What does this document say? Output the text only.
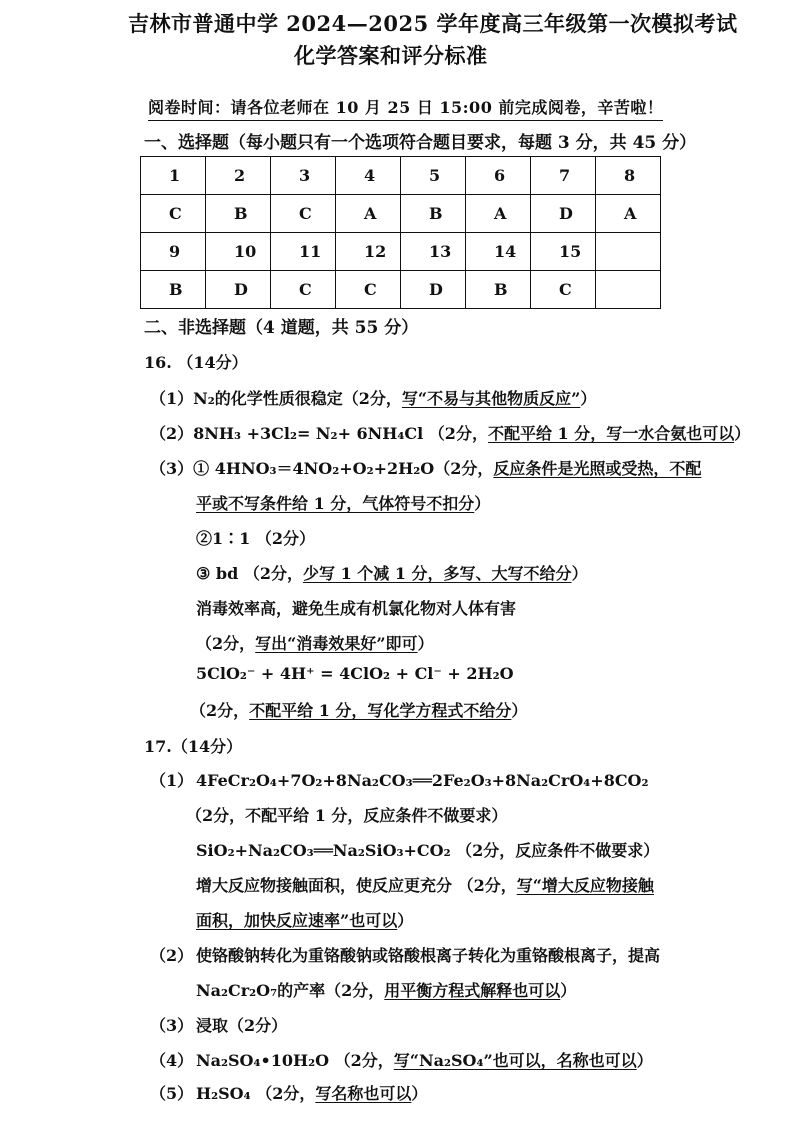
吉林市普通中学 2024—2025 学年度高三年级第一次模拟考试
化学答案和评分标准
阅卷时间：请各位老师在 10 月 25 日 15:00 前完成阅卷，辛苦啦！
一、选择题（每小题只有一个选项符合题目要求，每题 3 分，共 45 分）
1	2	3	4	5	6	7	8
C	B	C	A	B	A	D	A
9	10	11	12	13	14	15	
B	D	C	C	D	B	C	
二、非选择题（4 道题，共 55 分）
16. （14分）
（1）N₂的化学性质很稳定（2分，写“不易与其他物质反应”）
（2）8NH₃ +3Cl₂= N₂+ 6NH₄Cl （2分，不配平给 1 分，写一水合氨也可以）
（3）① 4HNO₃＝4NO₂+O₂+2H₂O（2分，反应条件是光照或受热，不配
平或不写条件给 1 分，气体符号不扣分）
②1∶1 （2分）
③ bd （2分，少写 1 个减 1 分，多写、大写不给分）
消毒效率高，避免生成有机氯化物对人体有害
（2分，写出“消毒效果好”即可）
5ClO₂⁻ + 4H⁺ = 4ClO₂ + Cl⁻ + 2H₂O
（2分，不配平给 1 分，写化学方程式不给分）
17.（14分）
（1） 4FeCr₂O₄+7O₂+8Na₂CO₃══2Fe₂O₃+8Na₂CrO₄+8CO₂
（2分，不配平给 1 分，反应条件不做要求）
SiO₂+Na₂CO₃══Na₂SiO₃+CO₂ （2分，反应条件不做要求）
增大反应物接触面积，使反应更充分 （2分，写“增大反应物接触
面积，加快反应速率”也可以）
（2） 使铬酸钠转化为重铬酸钠或铬酸根离子转化为重铬酸根离子，提高
Na₂Cr₂O₇的产率（2分，用平衡方程式解释也可以）
（3） 浸取（2分）
（4） Na₂SO₄•10H₂O （2分，写“Na₂SO₄”也可以，名称也可以）
（5） H₂SO₄ （2分，写名称也可以）
